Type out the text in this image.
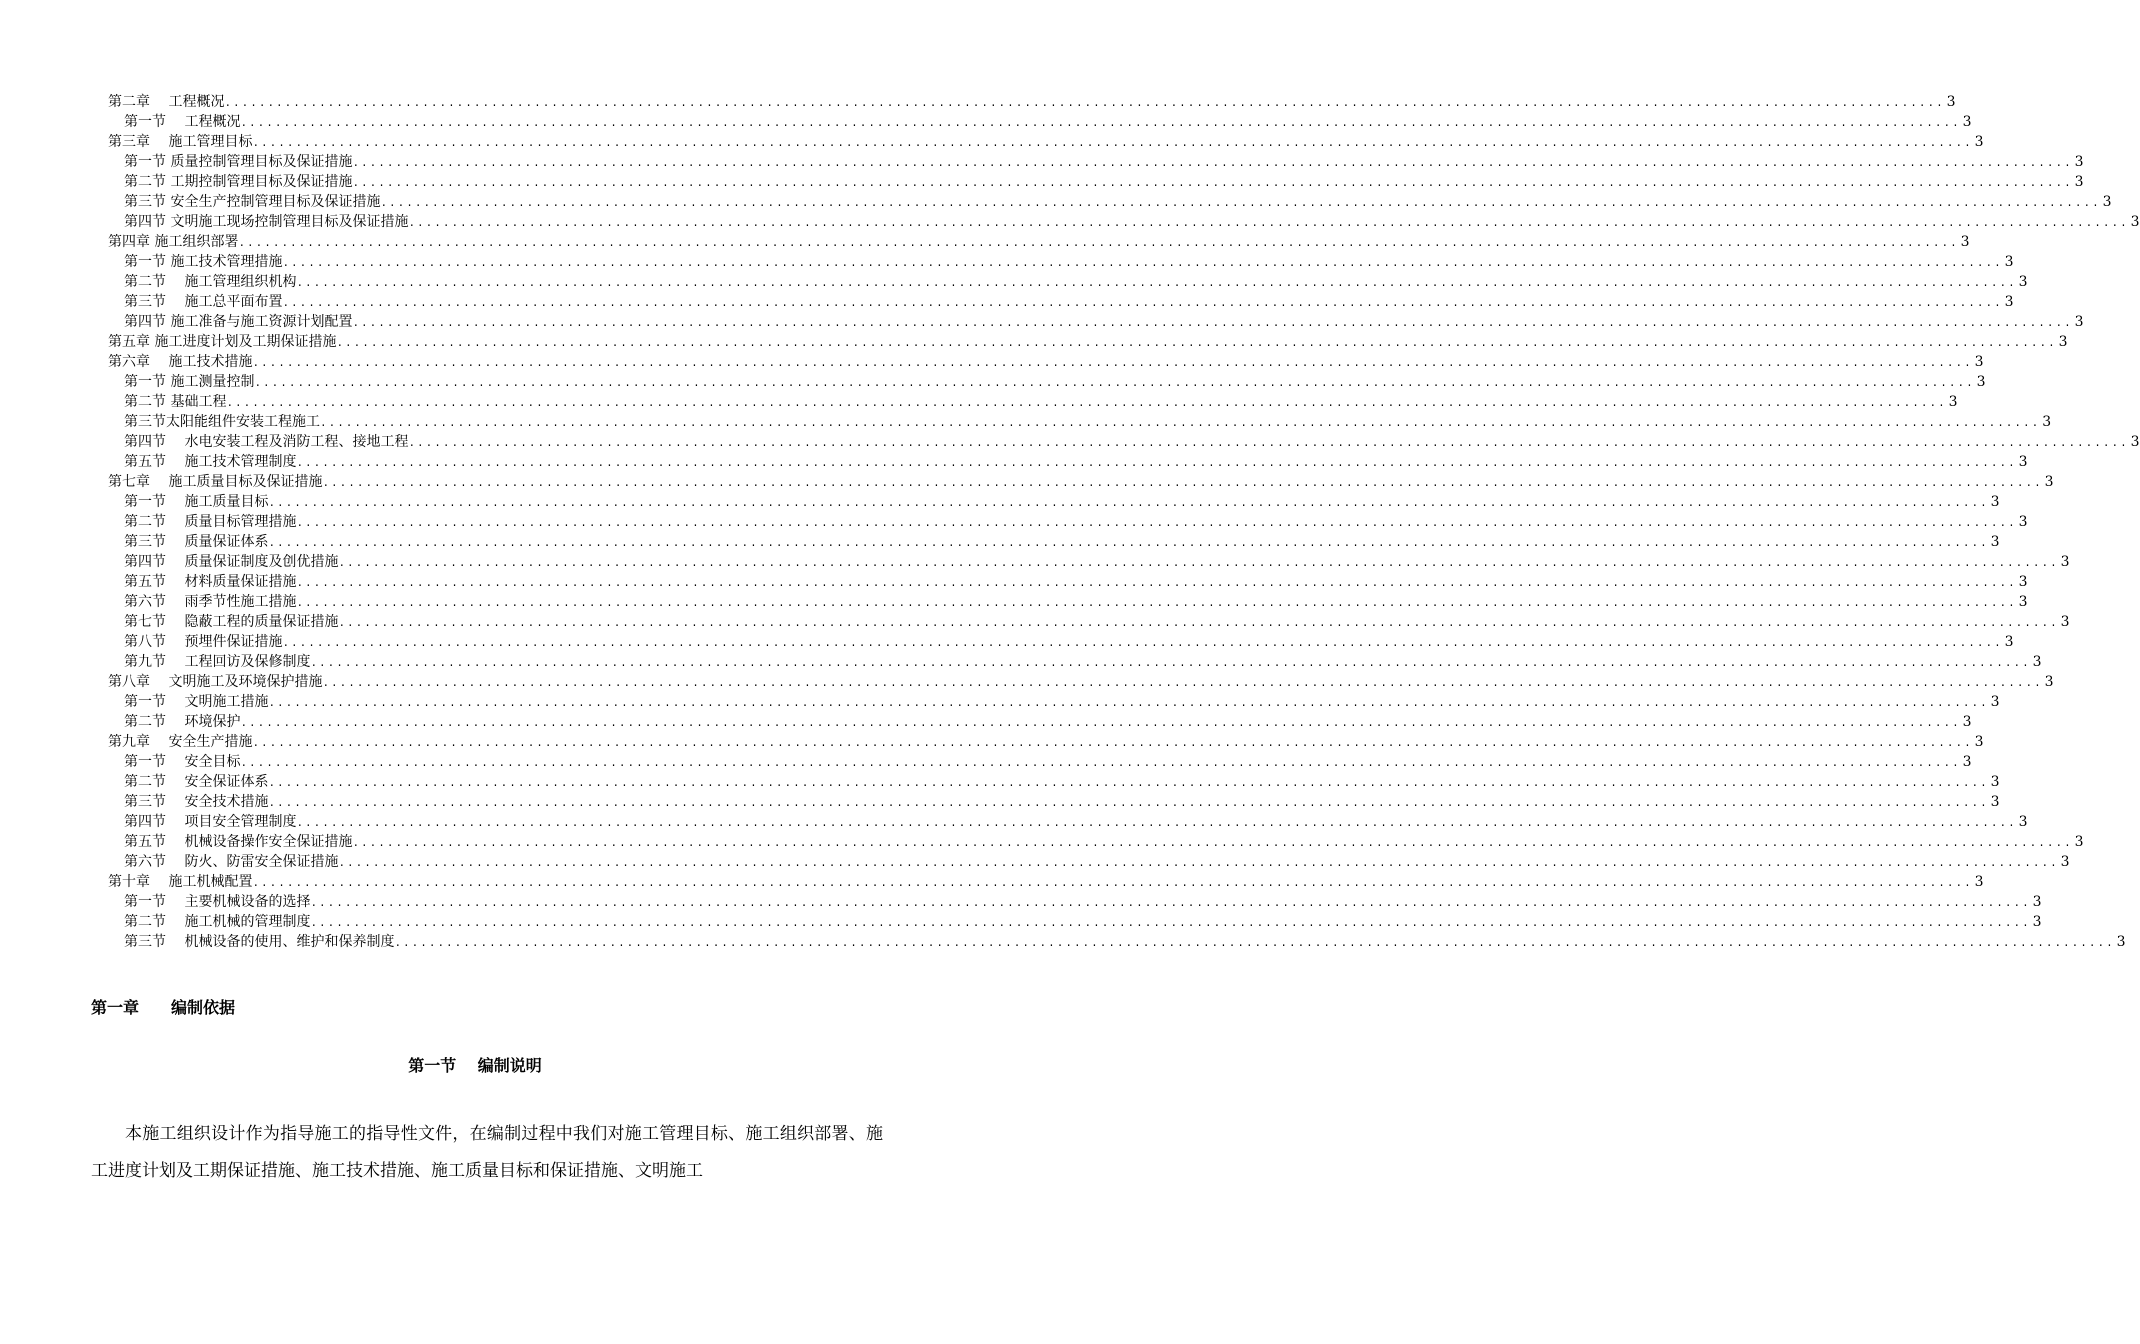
第二章　 工程概况 ........................................................................................................................................................................................................ 3
第一节　 工程概况 ........................................................................................................................................................................................................ 3
第三章　 施工管理目标 ........................................................................................................................................................................................................ 3
第一节 质量控制管理目标及保证措施 ........................................................................................................................................................................................................ 3
第二节 工期控制管理目标及保证措施 ........................................................................................................................................................................................................ 3
第三节 安全生产控制管理目标及保证措施 ........................................................................................................................................................................................................ 3
第四节 文明施工现场控制管理目标及保证措施 ........................................................................................................................................................................................................ 3
第四章 施工组织部署 ........................................................................................................................................................................................................ 3
第一节 施工技术管理措施 ........................................................................................................................................................................................................ 3
第二节　 施工管理组织机构 ........................................................................................................................................................................................................ 3
第三节　 施工总平面布置 ........................................................................................................................................................................................................ 3
第四节 施工准备与施工资源计划配置 ........................................................................................................................................................................................................ 3
第五章 施工进度计划及工期保证措施 ........................................................................................................................................................................................................ 3
第六章　 施工技术措施 ........................................................................................................................................................................................................ 3
第一节 施工测量控制 ........................................................................................................................................................................................................ 3
第二节 基础工程 ........................................................................................................................................................................................................ 3
第三节太阳能组件安装工程施工 ........................................................................................................................................................................................................ 3
第四节　 水电安装工程及消防工程、接地工程 ........................................................................................................................................................................................................ 3
第五节　 施工技术管理制度 ........................................................................................................................................................................................................ 3
第七章　 施工质量目标及保证措施 ........................................................................................................................................................................................................ 3
第一节　 施工质量目标 ........................................................................................................................................................................................................ 3
第二节　 质量目标管理措施 ........................................................................................................................................................................................................ 3
第三节　 质量保证体系 ........................................................................................................................................................................................................ 3
第四节　 质量保证制度及创优措施 ........................................................................................................................................................................................................ 3
第五节　 材料质量保证措施 ........................................................................................................................................................................................................ 3
第六节　 雨季节性施工措施 ........................................................................................................................................................................................................ 3
第七节　 隐蔽工程的质量保证措施 ........................................................................................................................................................................................................ 3
第八节　 预埋件保证措施 ........................................................................................................................................................................................................ 3
第九节　 工程回访及保修制度 ........................................................................................................................................................................................................ 3
第八章　 文明施工及环境保护措施 ........................................................................................................................................................................................................ 3
第一节　 文明施工措施 ........................................................................................................................................................................................................ 3
第二节　 环境保护 ........................................................................................................................................................................................................ 3
第九章　 安全生产措施 ........................................................................................................................................................................................................ 3
第一节　 安全目标 ........................................................................................................................................................................................................ 3
第二节　 安全保证体系 ........................................................................................................................................................................................................ 3
第三节　 安全技术措施 ........................................................................................................................................................................................................ 3
第四节　 项目安全管理制度 ........................................................................................................................................................................................................ 3
第五节　 机械设备操作安全保证措施 ........................................................................................................................................................................................................ 3
第六节　 防火、防雷安全保证措施 ........................................................................................................................................................................................................ 3
第十章　 施工机械配置 ........................................................................................................................................................................................................ 3
第一节　 主要机械设备的选择 ........................................................................................................................................................................................................ 3
第二节　 施工机械的管理制度 ........................................................................................................................................................................................................ 3
第三节　 机械设备的使用、维护和保养制度 ........................................................................................................................................................................................................ 3
第一章　　编制依据
第一节　 编制说明
本施工组织设计作为指导施工的指导性文件，在编制过程中我们对施工管理目标、施工组织部署、施工进度计划及工期保证措施、施工技术措施、施工质量目标和保证措施、文明施工
